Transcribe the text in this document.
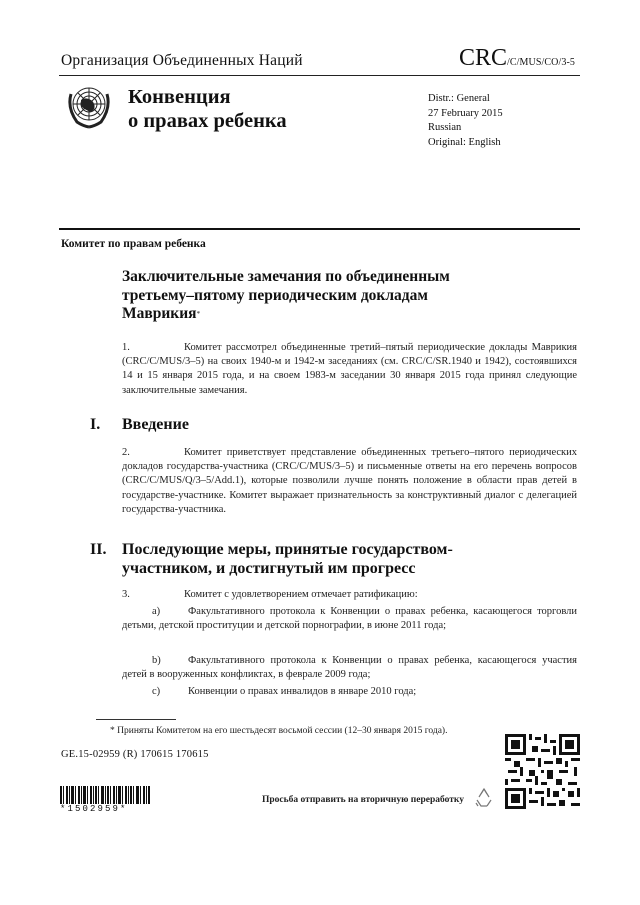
Организация Объединенных Наций	CRC/C/MUS/CO/3-5
Конвенция
о правах ребенка
Distr.: General
27 February 2015
Russian
Original: English
Комитет по правам ребенка
Заключительные замечания по объединенным
третьему–пятому периодическим докладам
Маврикия*
1.	Комитет рассмотрел объединенные третий–пятый периодические доклады Маврикия (CRC/C/MUS/3–5) на своих 1940-м и 1942-м заседаниях (см. CRC/C/SR.1940 и 1942), состоявшихся 14 и 15 января 2015 года, и на своем 1983-м заседании 30 января 2015 года принял следующие заключительные замечания.
I. Введение
2.	Комитет приветствует представление объединенных третьего–пятого периодических докладов государства-участника (CRC/C/MUS/3–5) и письменные ответы на его перечень вопросов (CRC/C/MUS/Q/3–5/Add.1), которые позволили лучше понять положение в области прав детей в государстве-участнике. Комитет выражает признательность за конструктивный диалог с делегацией государства-участника.
II. Последующие меры, принятые государством-участником, и достигнутый им прогресс
3.	Комитет с удовлетворением отмечает ратификацию:
a)	Факультативного протокола к Конвенции о правах ребенка, касающегося торговли детьми, детской проституции и детской порнографии, в июне 2011 года;
b)	Факультативного протокола к Конвенции о правах ребенка, касающегося участия детей в вооруженных конфликтах, в феврале 2009 года;
c)	Конвенции о правах инвалидов в январе 2010 года;
* Приняты Комитетом на его шестьдесят восьмой сессии (12–30 января 2015 года).
GE.15-02959 (R) 170615 170615
*1502959*
Просьба отправить на вторичную переработку
